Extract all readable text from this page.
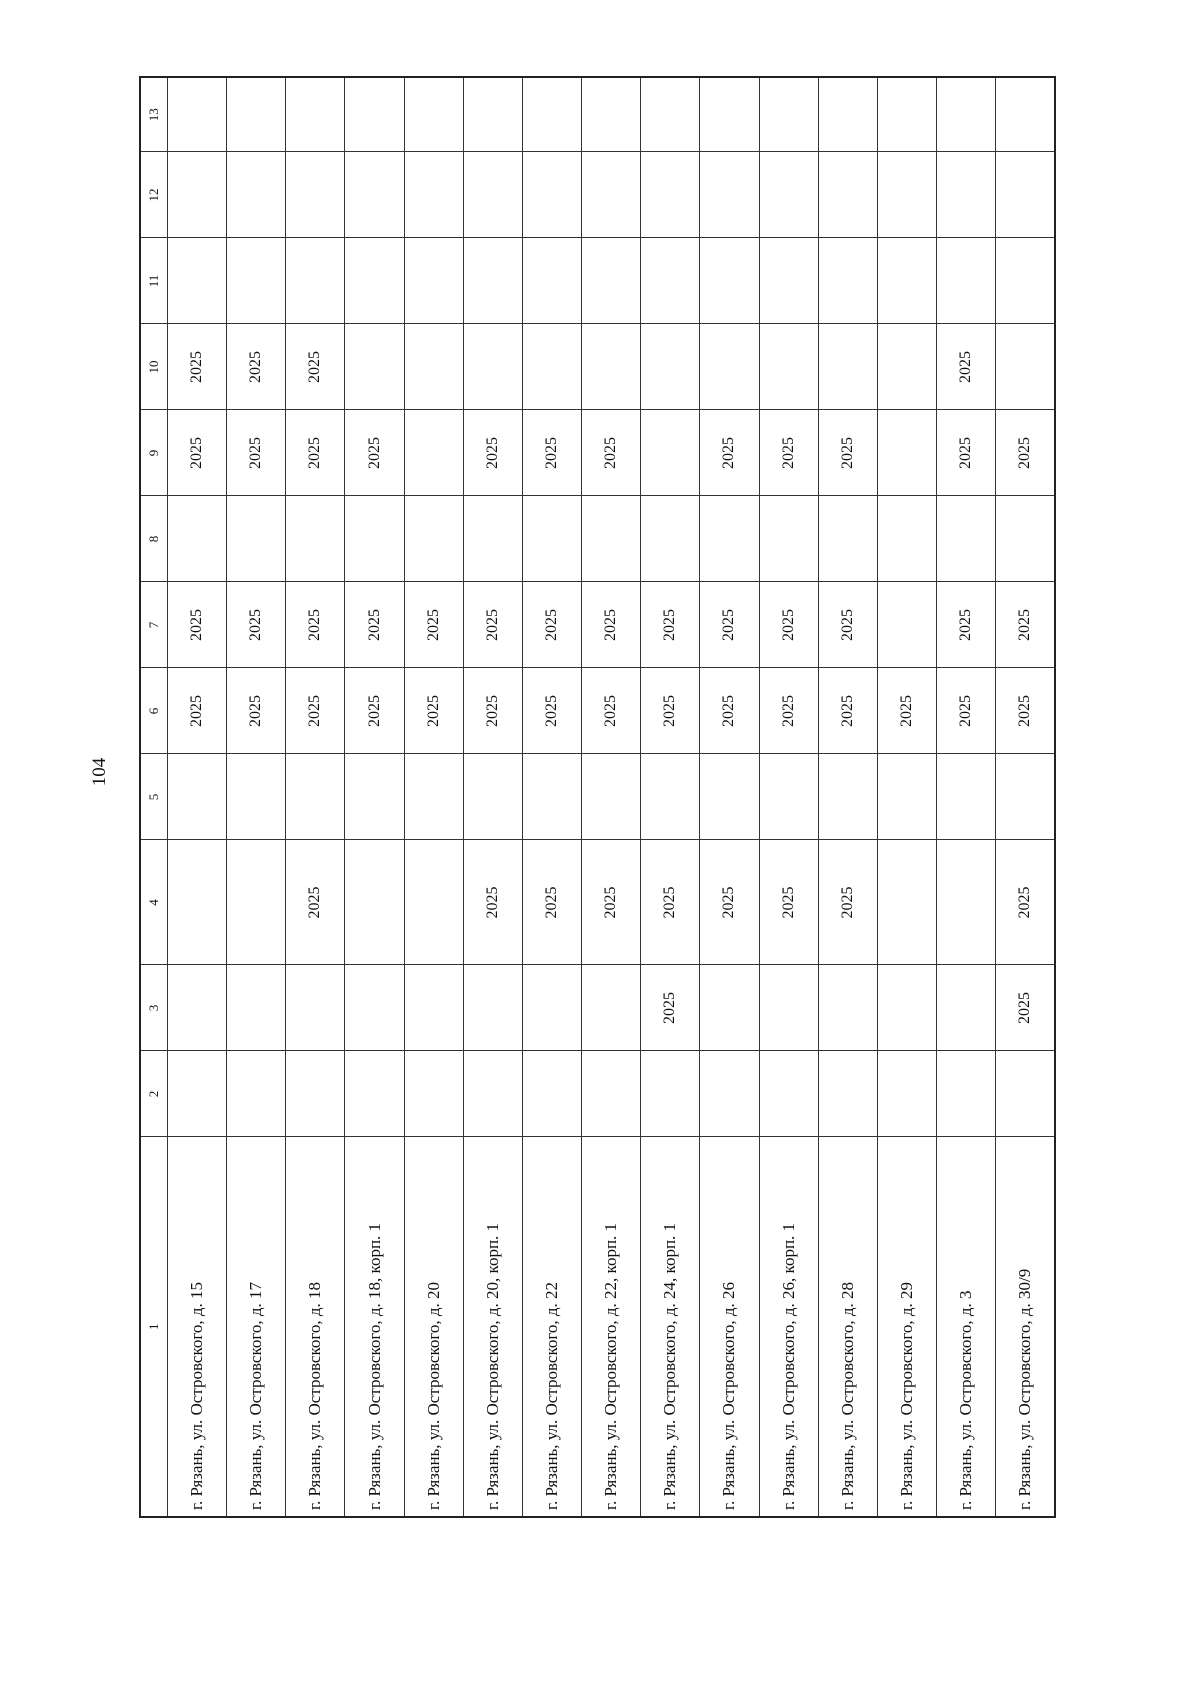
104
1	2	3	4	5	6	7	8	9	10	11	12	13
г. Рязань, ул. Островского, д. 15					2025	2025		2025	2025			
г. Рязань, ул. Островского, д. 17					2025	2025		2025	2025			
г. Рязань, ул. Островского, д. 18			2025		2025	2025		2025	2025			
г. Рязань, ул. Островского, д. 18, корп. 1					2025	2025		2025				
г. Рязань, ул. Островского, д. 20					2025	2025						
г. Рязань, ул. Островского, д. 20, корп. 1			2025		2025	2025		2025				
г. Рязань, ул. Островского, д. 22			2025		2025	2025		2025				
г. Рязань, ул. Островского, д. 22, корп. 1			2025		2025	2025		2025				
г. Рязань, ул. Островского, д. 24, корп. 1		2025	2025		2025	2025						
г. Рязань, ул. Островского, д. 26			2025		2025	2025		2025				
г. Рязань, ул. Островского, д. 26, корп. 1			2025		2025	2025		2025				
г. Рязань, ул. Островского, д. 28			2025		2025	2025		2025				
г. Рязань, ул. Островского, д. 29					2025							
г. Рязань, ул. Островского, д. 3					2025	2025		2025	2025			
г. Рязань, ул. Островского, д. 30/9		2025	2025		2025	2025		2025				
